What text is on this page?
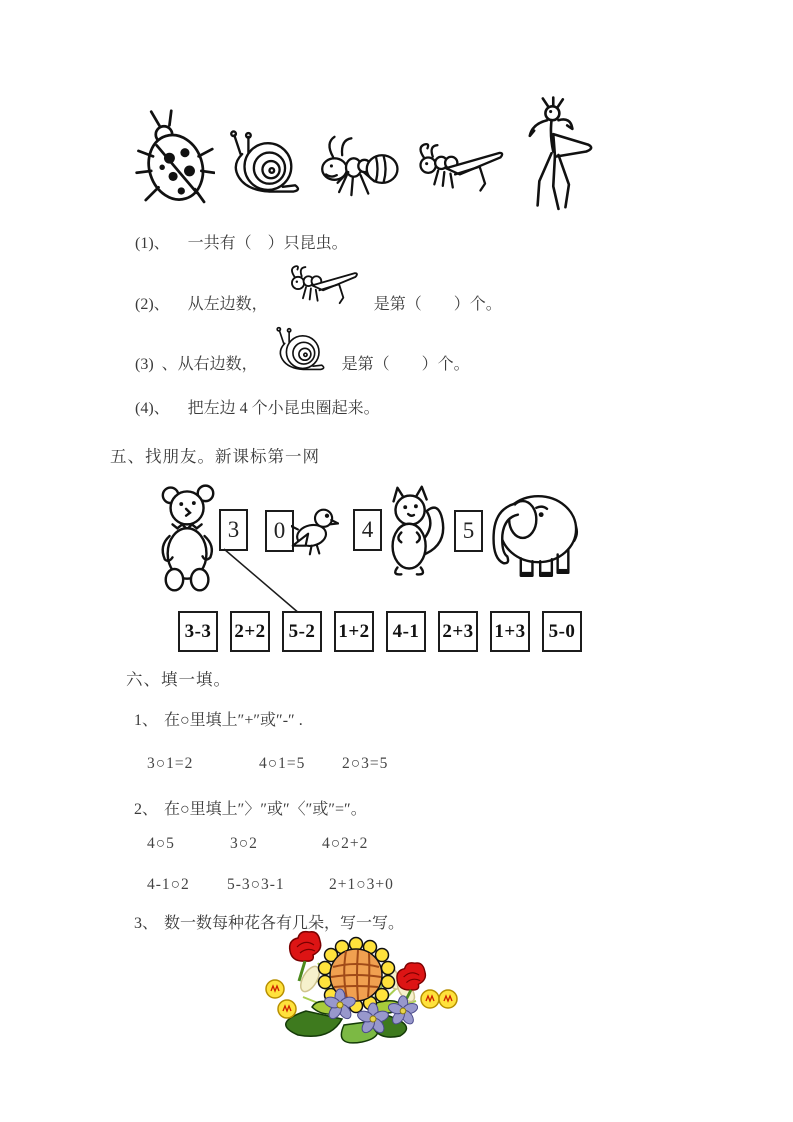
(1)、 一共有（　）只昆虫。
(2)、 从左边数，	是第（　　）个。
(3) 、从右边数，	是第（　　）个。
(4)、 把左边 4 个小昆虫圈起来。
五、找朋友。新课标第一网
3	0	4	5
3-3	2+2	5-2	1+2	4-1	2+3 1+3	5-0
六、填一填。
1、 在○里填上″+″或″-″ .
3○1=2	4○1=5 2○3=5
2、 在○里填上″〉″或″〈″或″=″。
4○5	3○2	4○2+2
4-1○2 5-3○3-1	2+1○3+0
3、 数一数每种花各有几朵，写一写。
